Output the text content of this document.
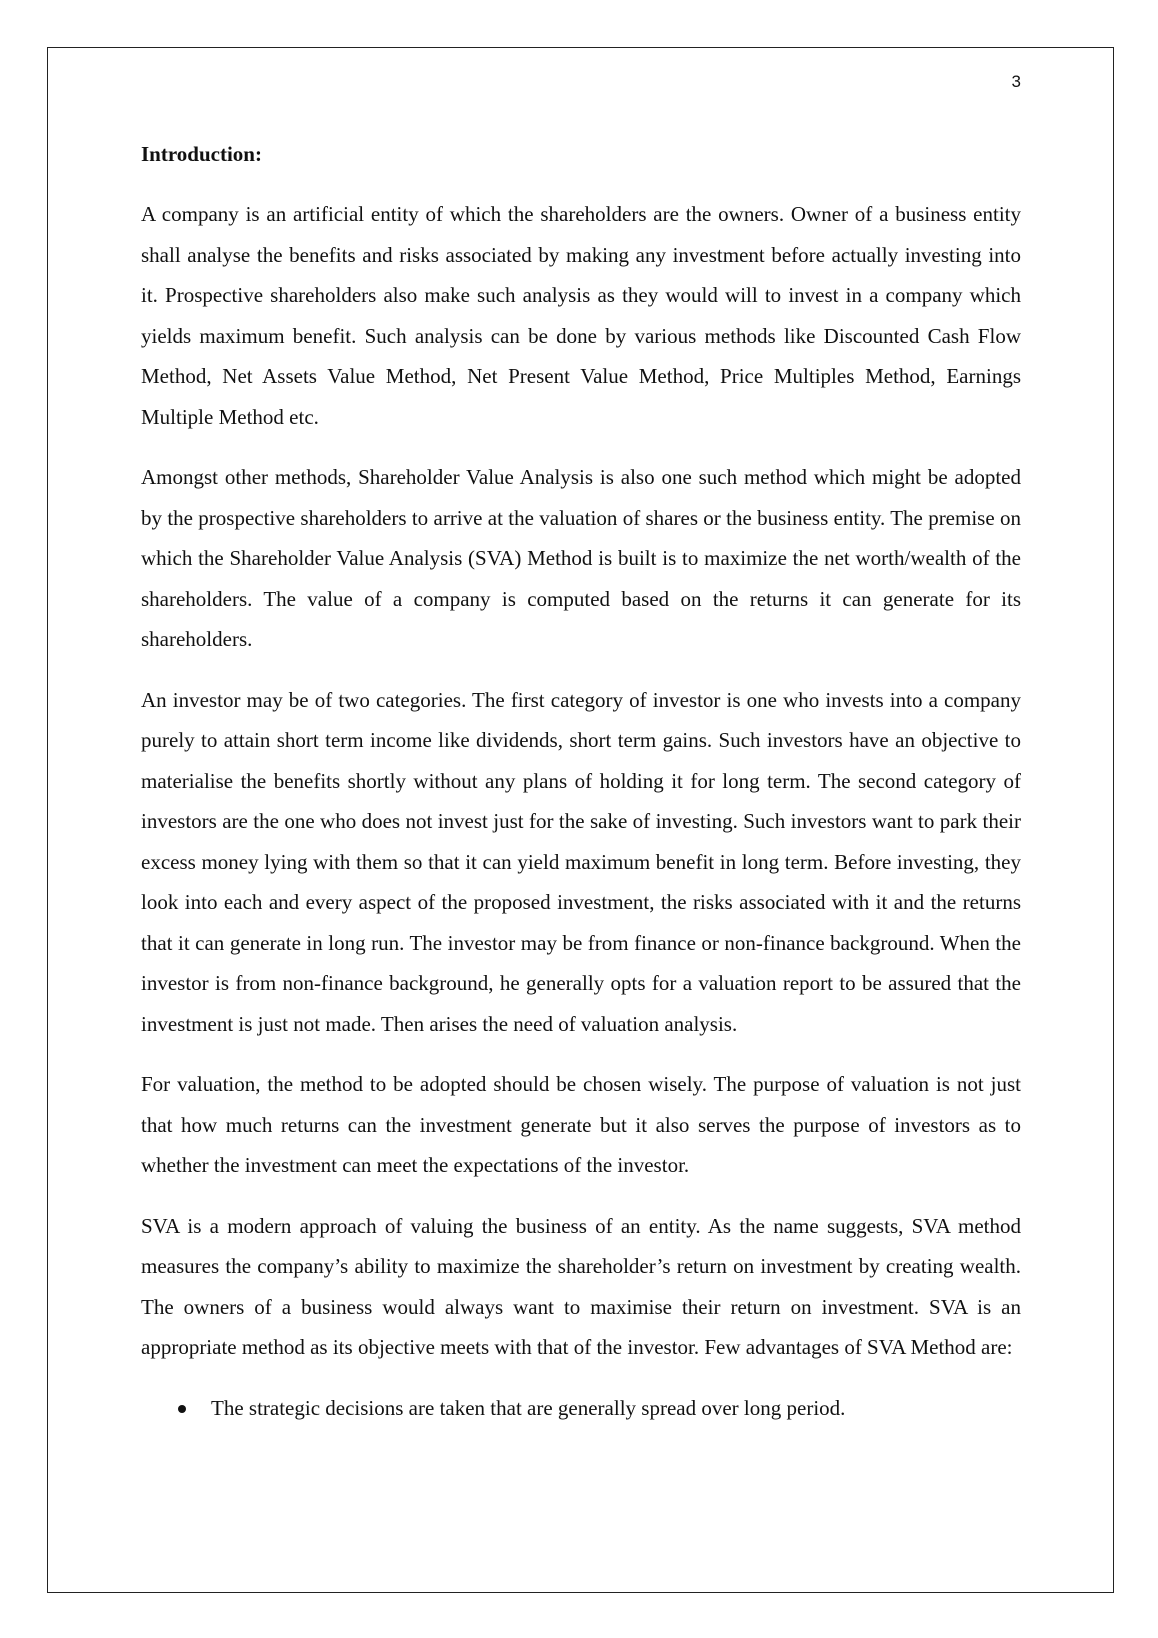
3

Introduction:

A company is an artificial entity of which the shareholders are the owners. Owner of a business entity shall analyse the benefits and risks associated by making any investment before actually investing into it. Prospective shareholders also make such analysis as they would will to invest in a company which yields maximum benefit. Such analysis can be done by various methods like Discounted Cash Flow Method, Net Assets Value Method, Net Present Value Method, Price Multiples Method, Earnings Multiple Method etc.

Amongst other methods, Shareholder Value Analysis is also one such method which might be adopted by the prospective shareholders to arrive at the valuation of shares or the business entity. The premise on which the Shareholder Value Analysis (SVA) Method is built is to maximize the net worth/wealth of the shareholders. The value of a company is computed based on the returns it can generate for its shareholders.

An investor may be of two categories. The first category of investor is one who invests into a company purely to attain short term income like dividends, short term gains. Such investors have an objective to materialise the benefits shortly without any plans of holding it for long term. The second category of investors are the one who does not invest just for the sake of investing. Such investors want to park their excess money lying with them so that it can yield maximum benefit in long term. Before investing, they look into each and every aspect of the proposed investment, the risks associated with it and the returns that it can generate in long run. The investor may be from finance or non-finance background. When the investor is from non-finance background, he generally opts for a valuation report to be assured that the investment is just not made. Then arises the need of valuation analysis.

For valuation, the method to be adopted should be chosen wisely. The purpose of valuation is not just that how much returns can the investment generate but it also serves the purpose of investors as to whether the investment can meet the expectations of the investor.

SVA is a modern approach of valuing the business of an entity. As the name suggests, SVA method measures the company’s ability to maximize the shareholder’s return on investment by creating wealth. The owners of a business would always want to maximise their return on investment. SVA is an appropriate method as its objective meets with that of the investor. Few advantages of SVA Method are:

The strategic decisions are taken that are generally spread over long period.
